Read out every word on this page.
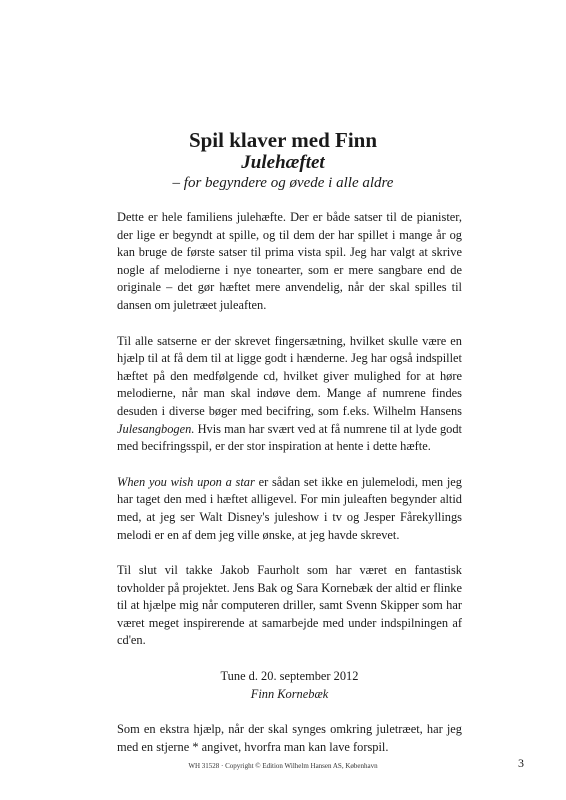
Spil klaver med Finn
Julehæftet

– for begyndere og øvede i alle aldre

Dette er hele familiens julehæfte. Der er både satser til de pianister, der lige er begyndt at spille, og til dem der har spillet i mange år og kan bruge de første satser til prima vista spil. Jeg har valgt at skrive nogle af melodierne i nye tonearter, som er mere sangbare end de originale – det gør hæftet mere anvendelig, når der skal spilles til dansen om juletræet juleaften.

Til alle satserne er der skrevet fingersætning, hvilket skulle være en hjælp til at få dem til at ligge godt i hænderne. Jeg har også indspillet hæftet på den medfølgende cd, hvilket giver mulighed for at høre melodierne, når man skal indøve dem. Mange af numrene findes desuden i diverse bøger med becifring, som f.eks. Wilhelm Hansens Julesangbogen. Hvis man har svært ved at få numrene til at lyde godt med becifringsspil, er der stor inspiration at hente i dette hæfte.

When you wish upon a star er sådan set ikke en julemelodi, men jeg har taget den med i hæftet alligevel. For min juleaften begynder altid med, at jeg ser Walt Disney's juleshow i tv og Jesper Fårekyllings melodi er en af dem jeg ville ønske, at jeg havde skrevet.

Til slut vil takke Jakob Faurholt som har været en fantastisk tovholder på projektet. Jens Bak og Sara Kornebæk der altid er flinke til at hjælpe mig når computeren driller, samt Svenn Skipper som har været meget inspirerende at samarbejde med under indspilningen af cd'en.

Tune d. 20. september 2012
Finn Kornebæk

Som en ekstra hjælp, når der skal synges omkring juletræet, har jeg med en stjerne * angivet, hvorfra man kan lave forspil.

WH 31528 · Copyright © Edition Wilhelm Hansen AS, København	3
